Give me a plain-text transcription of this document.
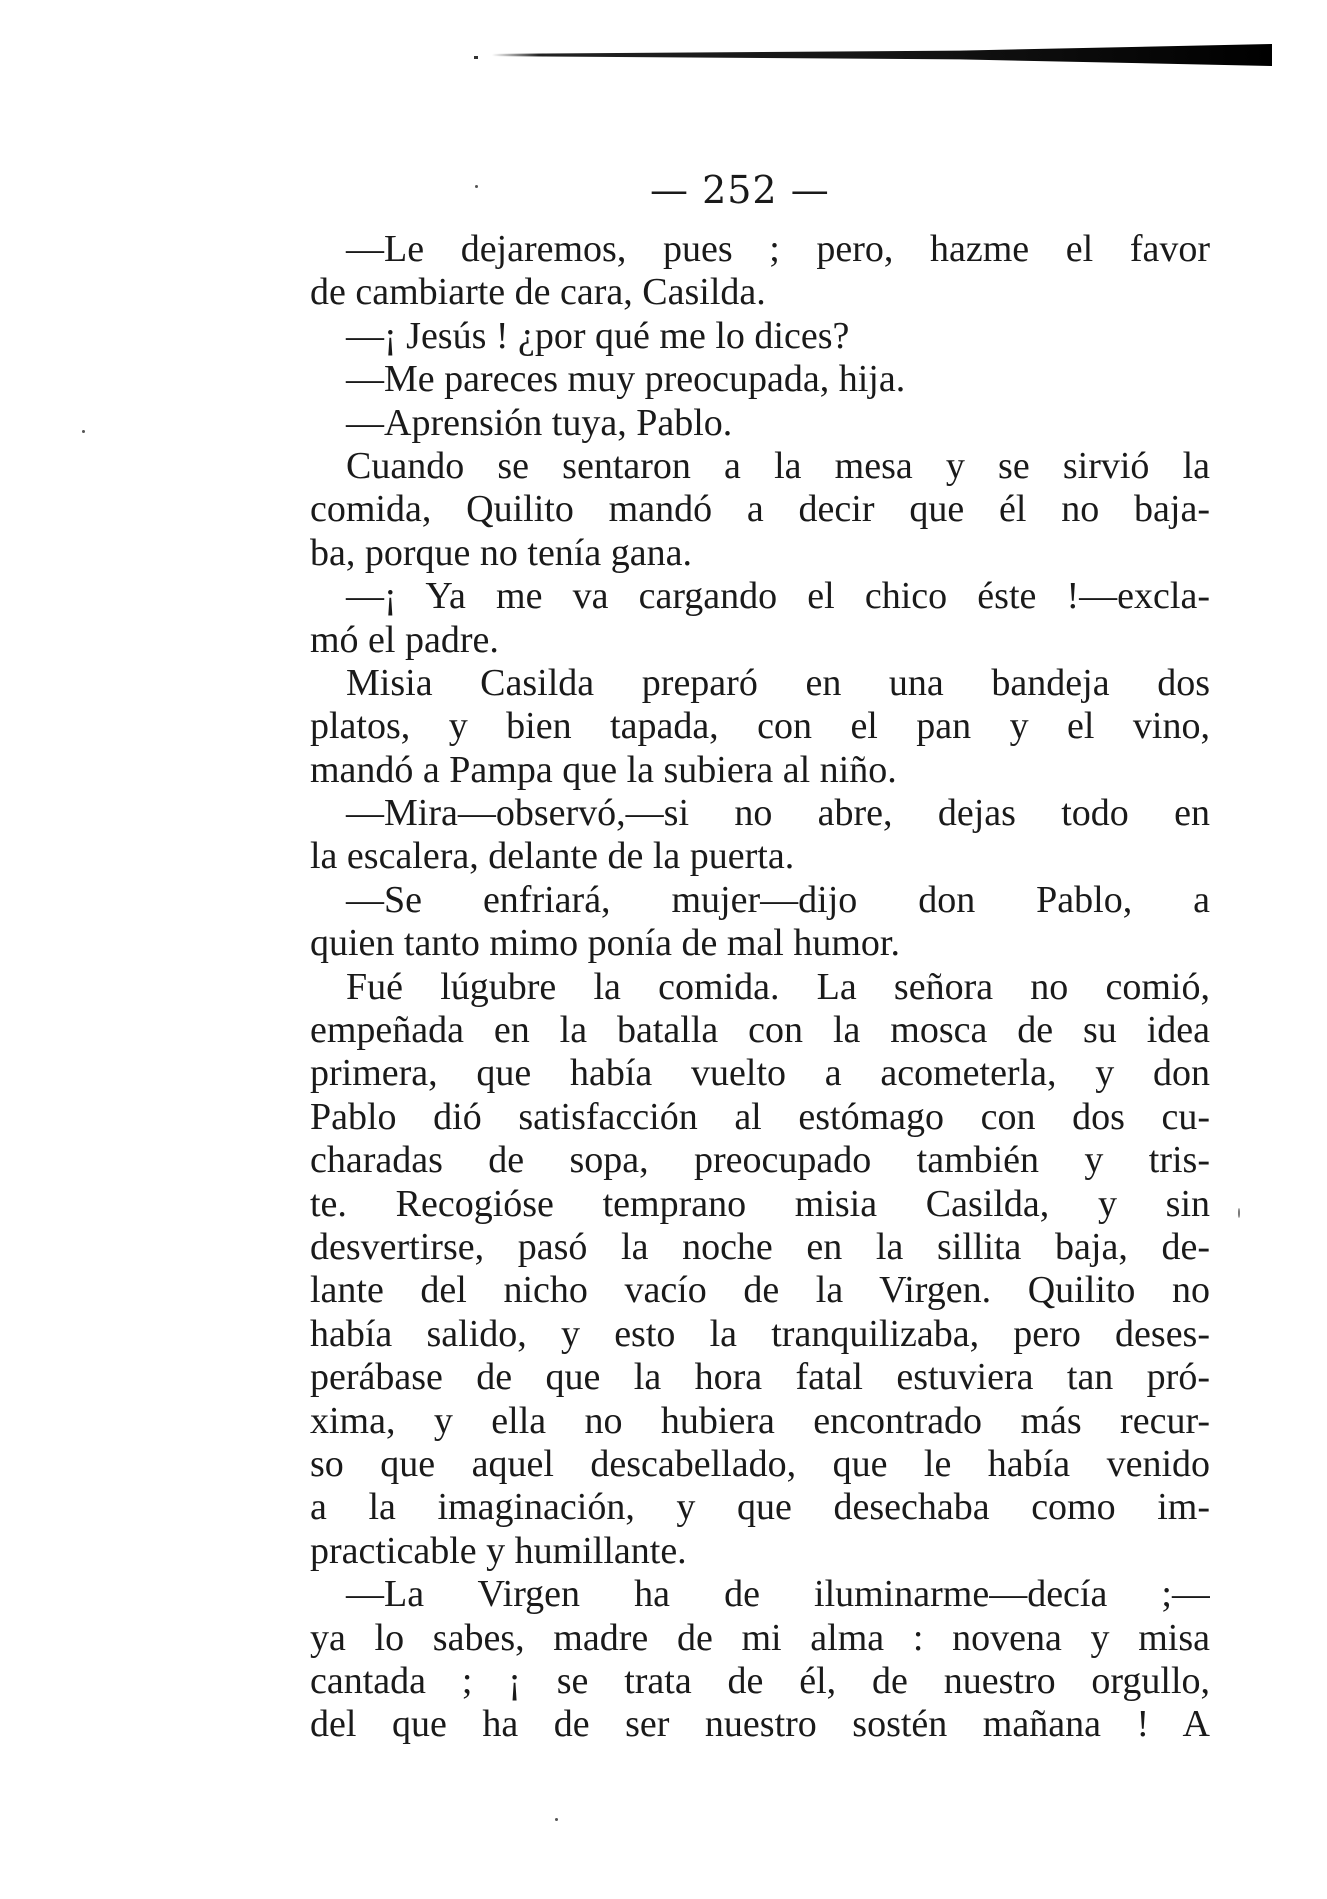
— 252 —
—Le dejaremos, pues ; pero, hazme el favor
de cambiarte de cara, Casilda.
—¡ Jesús ! ¿por qué me lo dices?
—Me pareces muy preocupada, hija.
—Aprensión tuya, Pablo.
Cuando se sentaron a la mesa y se sirvió la
comida, Quilito mandó a decir que él no baja-
ba, porque no tenía gana.
—¡ Ya me va cargando el chico éste !—excla-
mó el padre.
Misia Casilda preparó en una bandeja dos
platos, y bien tapada, con el pan y el vino,
mandó a Pampa que la subiera al niño.
—Mira—observó,—si no abre, dejas todo en
la escalera, delante de la puerta.
—Se enfriará, mujer—dijo don Pablo, a
quien tanto mimo ponía de mal humor.
Fué lúgubre la comida. La señora no comió,
empeñada en la batalla con la mosca de su idea
primera, que había vuelto a acometerla, y don
Pablo dió satisfacción al estómago con dos cu-
charadas de sopa, preocupado también y tris-
te. Recogióse temprano misia Casilda, y sin
desvertirse, pasó la noche en la sillita baja, de-
lante del nicho vacío de la Virgen. Quilito no
había salido, y esto la tranquilizaba, pero deses-
perábase de que la hora fatal estuviera tan pró-
xima, y ella no hubiera encontrado más recur-
so que aquel descabellado, que le había venido
a la imaginación, y que desechaba como im-
practicable y humillante.
—La Virgen ha de iluminarme—decía ;—
ya lo sabes, madre de mi alma : novena y misa
cantada ; ¡ se trata de él, de nuestro orgullo,
del que ha de ser nuestro sostén mañana ! A
